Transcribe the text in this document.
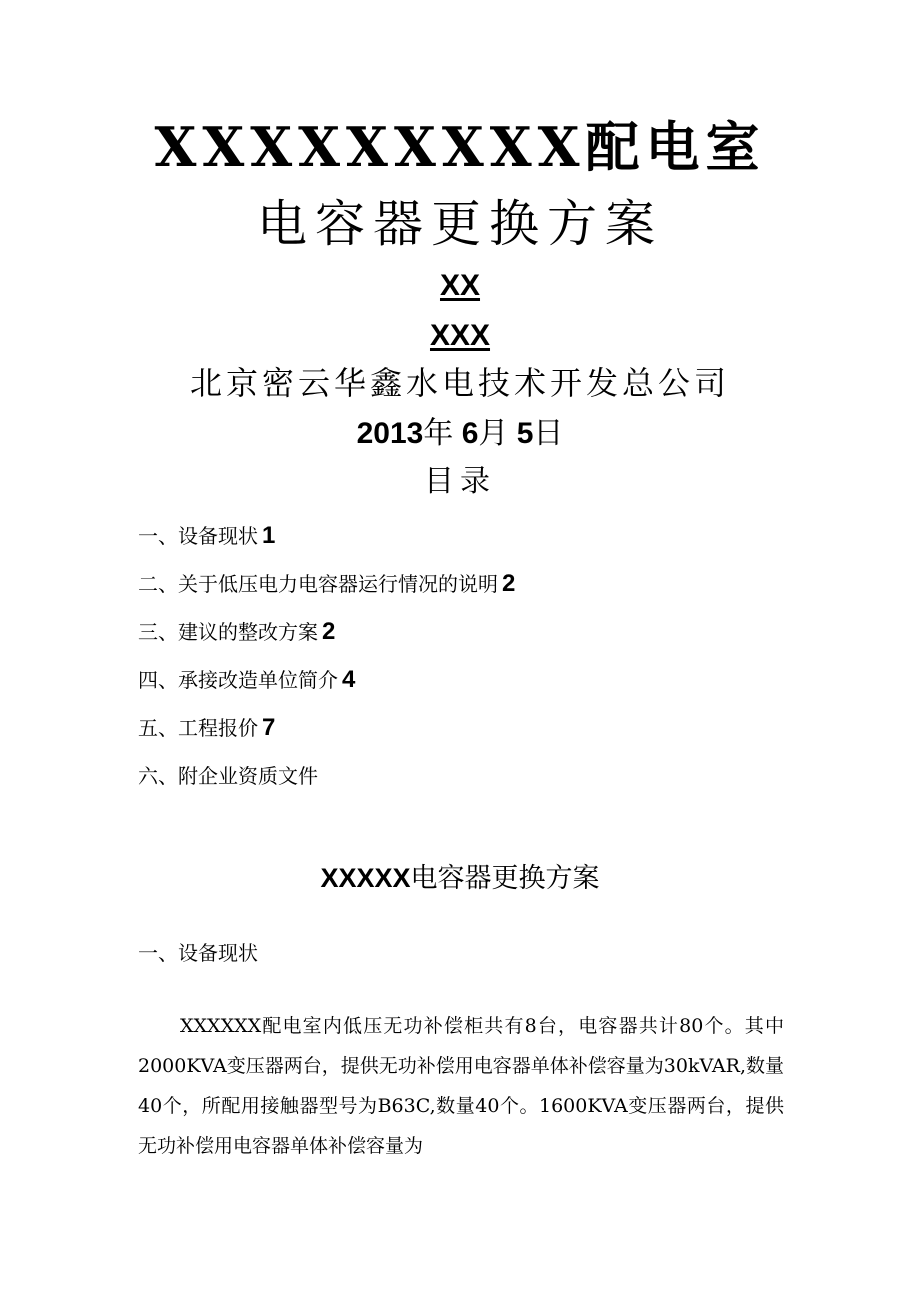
XXXXXXXXX配电室
电容器更换方案
XX
XXX
北京密云华鑫水电技术开发总公司
2013年 6月 5日
目录
一、设备现状 1
二、关于低压电力电容器运行情况的说明 2
三、建议的整改方案 2
四、承接改造单位简介 4
五、工程报价 7
六、附企业资质文件
XXXXX电容器更换方案
一、设备现状

XXXXXX配电室内低压无功补偿柜共有8台，电容器共计80个。其中2000KVA变压器两台，提供无功补偿用电容器单体补偿容量为30kVAR,数量40个，所配用接触器型号为B63C,数量40个。1600KVA变压器两台，提供无功补偿用电容器单体补偿容量为
